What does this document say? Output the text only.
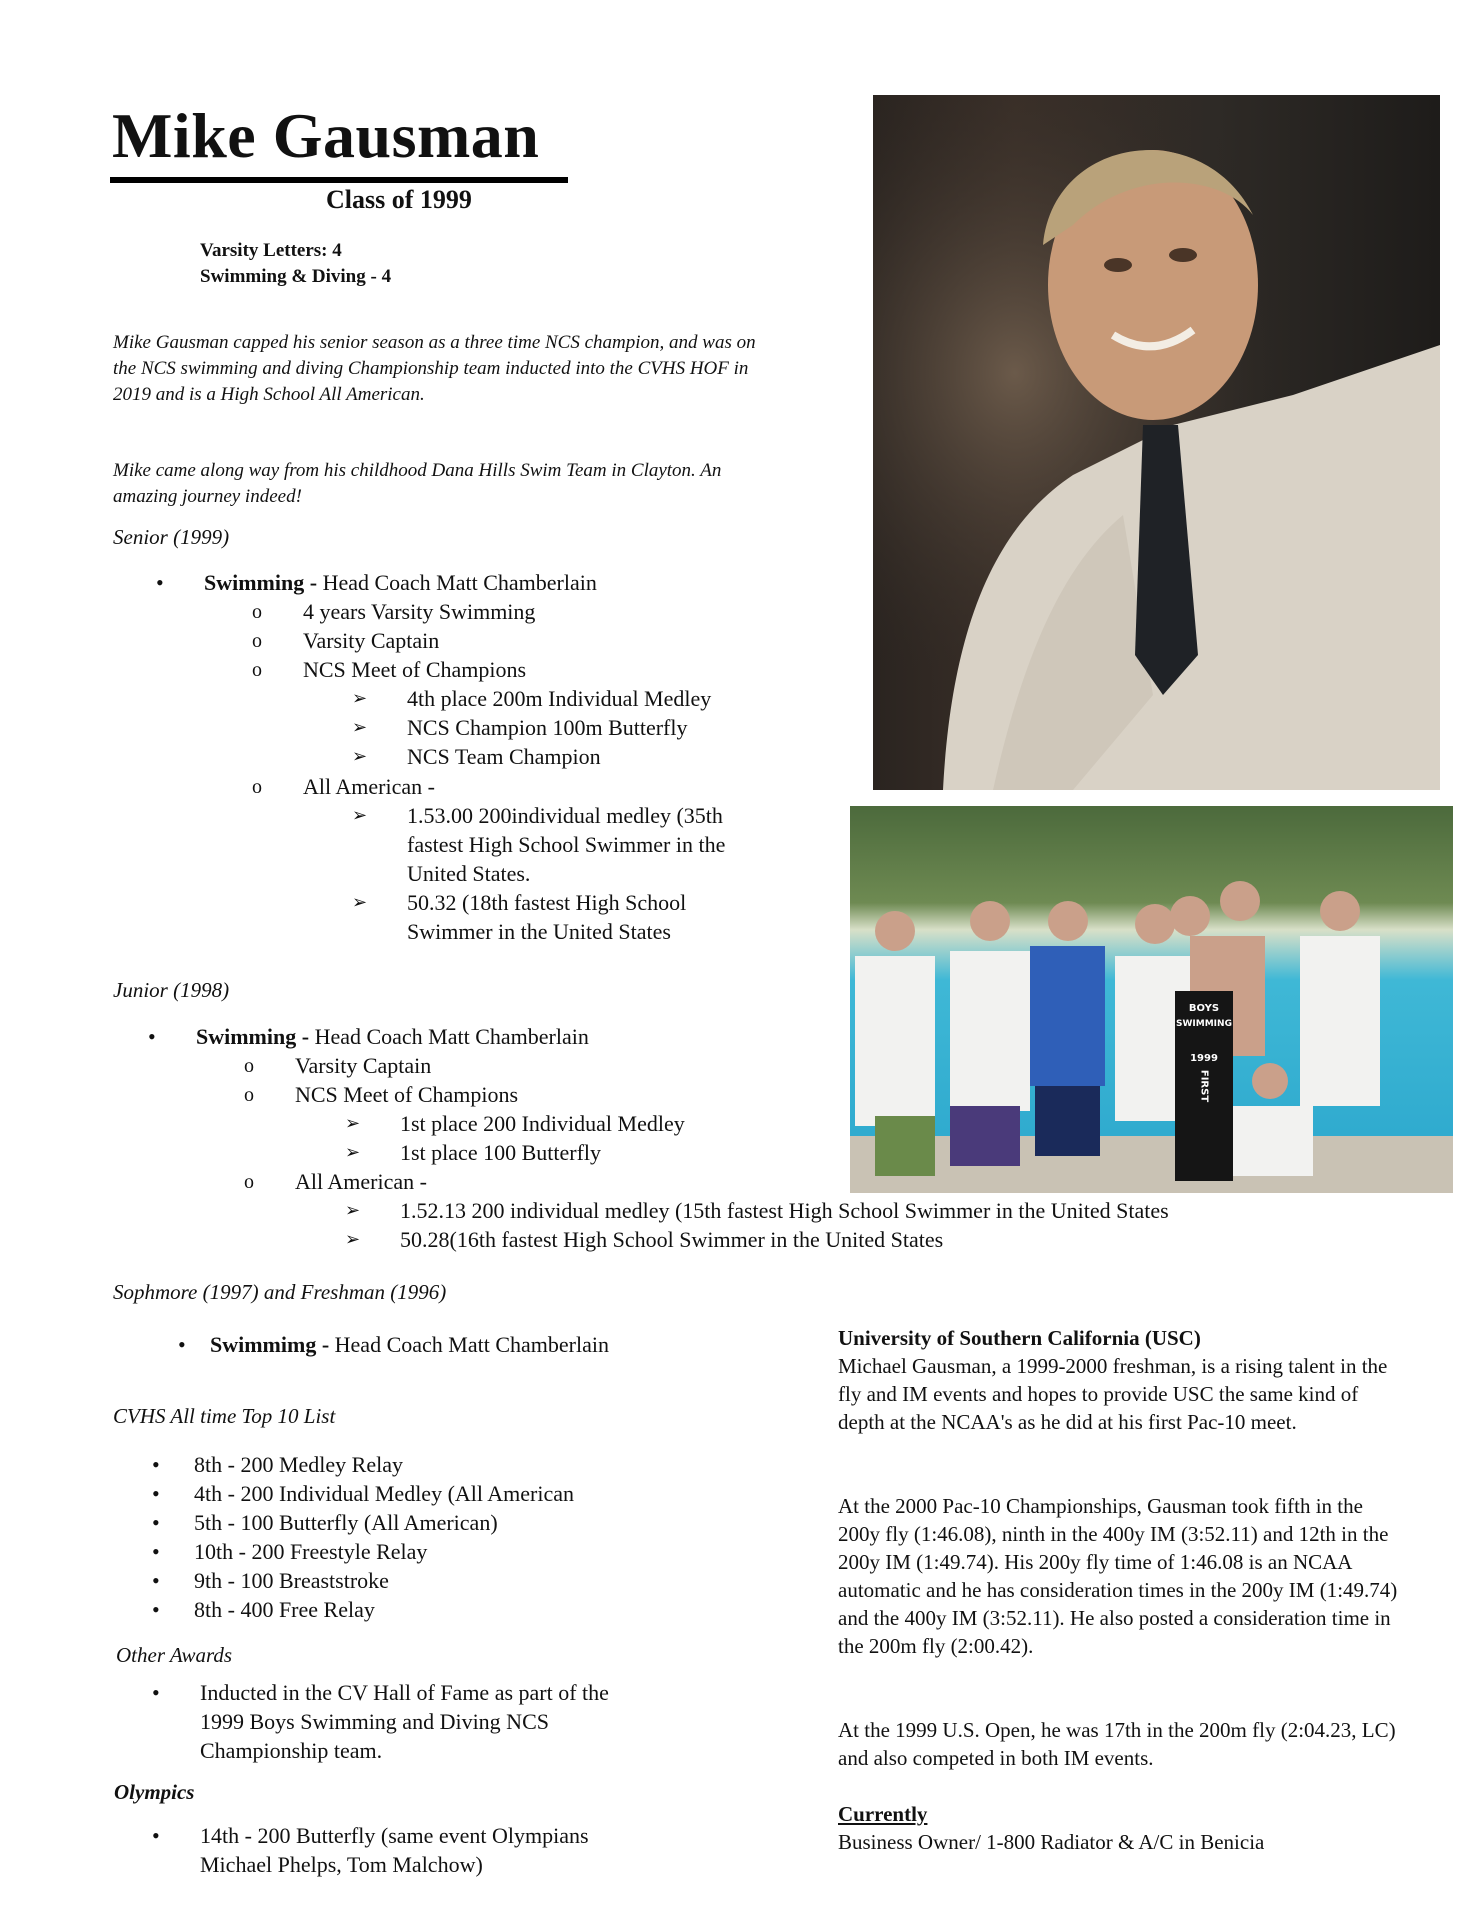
Mike Gausman
Class of 1999
Varsity Letters: 4
Swimming & Diving - 4
Mike Gausman capped his senior season as a three time NCS champion, and was on the NCS swimming and diving Championship team inducted into the CVHS HOF in 2019 and is a High School All American.
Mike came along way from his childhood Dana Hills Swim Team in Clayton. An amazing journey indeed!
Senior (1999)
• Swimming - Head Coach Matt Chamberlain
o 4 years Varsity Swimming
o Varsity Captain
o NCS Meet of Champions
➢ 4th place 200m Individual Medley
➢ NCS Champion 100m Butterfly
➢ NCS Team Champion
o All American -
➢ 1.53.00 200individual medley (35th
fastest High School Swimmer in the
United States.
➢ 50.32 (18th fastest High School
Swimmer in the United States
Junior (1998)
• Swimming - Head Coach Matt Chamberlain
o Varsity Captain
o NCS Meet of Champions
➢ 1st place 200 Individual Medley
➢ 1st place 100 Butterfly
o All American -
➢ 1.52.13 200 individual medley (15th fastest High School Swimmer in the United States
➢ 50.28(16th fastest High School Swimmer in the United States
Sophmore (1997) and Freshman (1996)
• Swimmimg - Head Coach Matt Chamberlain
CVHS All time Top 10 List
• 8th - 200 Medley Relay
• 4th - 200 Individual Medley (All American
• 5th - 100 Butterfly (All American)
• 10th - 200 Freestyle Relay
• 9th - 100 Breaststroke
• 8th - 400 Free Relay
Other Awards
• Inducted in the CV Hall of Fame as part of the
1999 Boys Swimming and Diving NCS
Championship team.
Olympics
• 14th - 200 Butterfly (same event Olympians
Michael Phelps, Tom Malchow)
University of Southern California (USC)
Michael Gausman, a 1999-2000 freshman, is a rising talent in the fly and IM events and hopes to provide USC the same kind of depth at the NCAA's as he did at his first Pac-10 meet.
At the 2000 Pac-10 Championships, Gausman took fifth in the 200y fly (1:46.08), ninth in the 400y IM (3:52.11) and 12th in the 200y IM (1:49.74). His 200y fly time of 1:46.08 is an NCAA automatic and he has consideration times in the 200y IM (1:49.74) and the 400y IM (3:52.11). He also posted a consideration time in the 200m fly (2:00.42).
At the 1999 U.S. Open, he was 17th in the 200m fly (2:04.23, LC) and also competed in both IM events.
Currently
Business Owner/ 1-800 Radiator & A/C in Benicia
BOYS
SWIMMING
1999
FIRST
